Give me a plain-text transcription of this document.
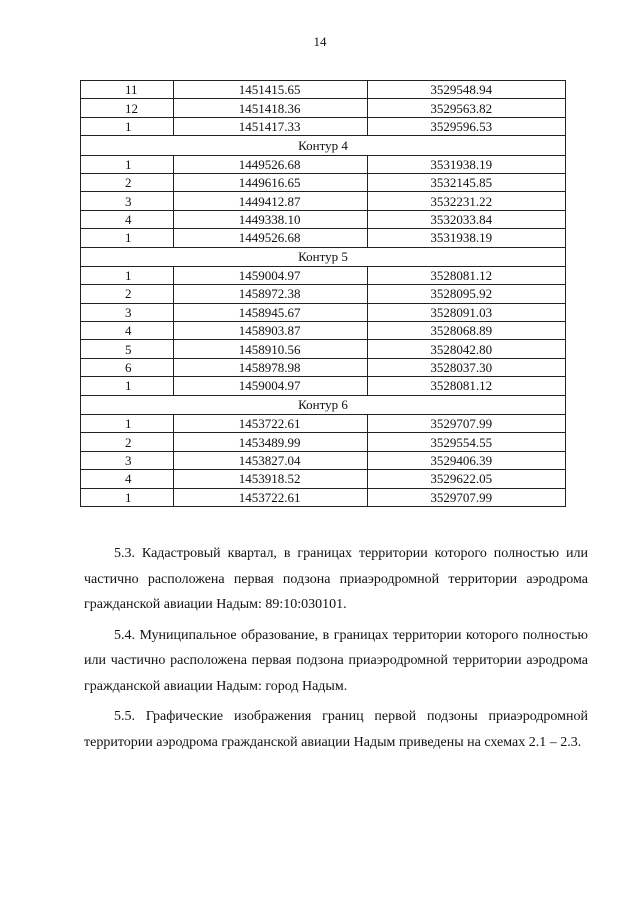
14
11	1451415.65	3529548.94
12	1451418.36	3529563.82
1	1451417.33	3529596.53
Контур 4		
1	1449526.68	3531938.19
2	1449616.65	3532145.85
3	1449412.87	3532231.22
4	1449338.10	3532033.84
1	1449526.68	3531938.19
Контур 5		
1	1459004.97	3528081.12
2	1458972.38	3528095.92
3	1458945.67	3528091.03
4	1458903.87	3528068.89
5	1458910.56	3528042.80
6	1458978.98	3528037.30
1	1459004.97	3528081.12
Контур 6		
1	1453722.61	3529707.99
2	1453489.99	3529554.55
3	1453827.04	3529406.39
4	1453918.52	3529622.05
1	1453722.61	3529707.99

5.3. Кадастровый квартал, в границах территории которого полностью или частично расположена первая подзона приаэродромной территории аэродрома гражданской авиации Надым: 89:10:030101.

5.4. Муниципальное образование, в границах территории которого полностью или частично расположена первая подзона приаэродромной территории аэродрома гражданской авиации Надым: город Надым.

5.5. Графические изображения границ первой подзоны приаэродромной территории аэродрома гражданской авиации Надым приведены на схемах 2.1 – 2.3.
